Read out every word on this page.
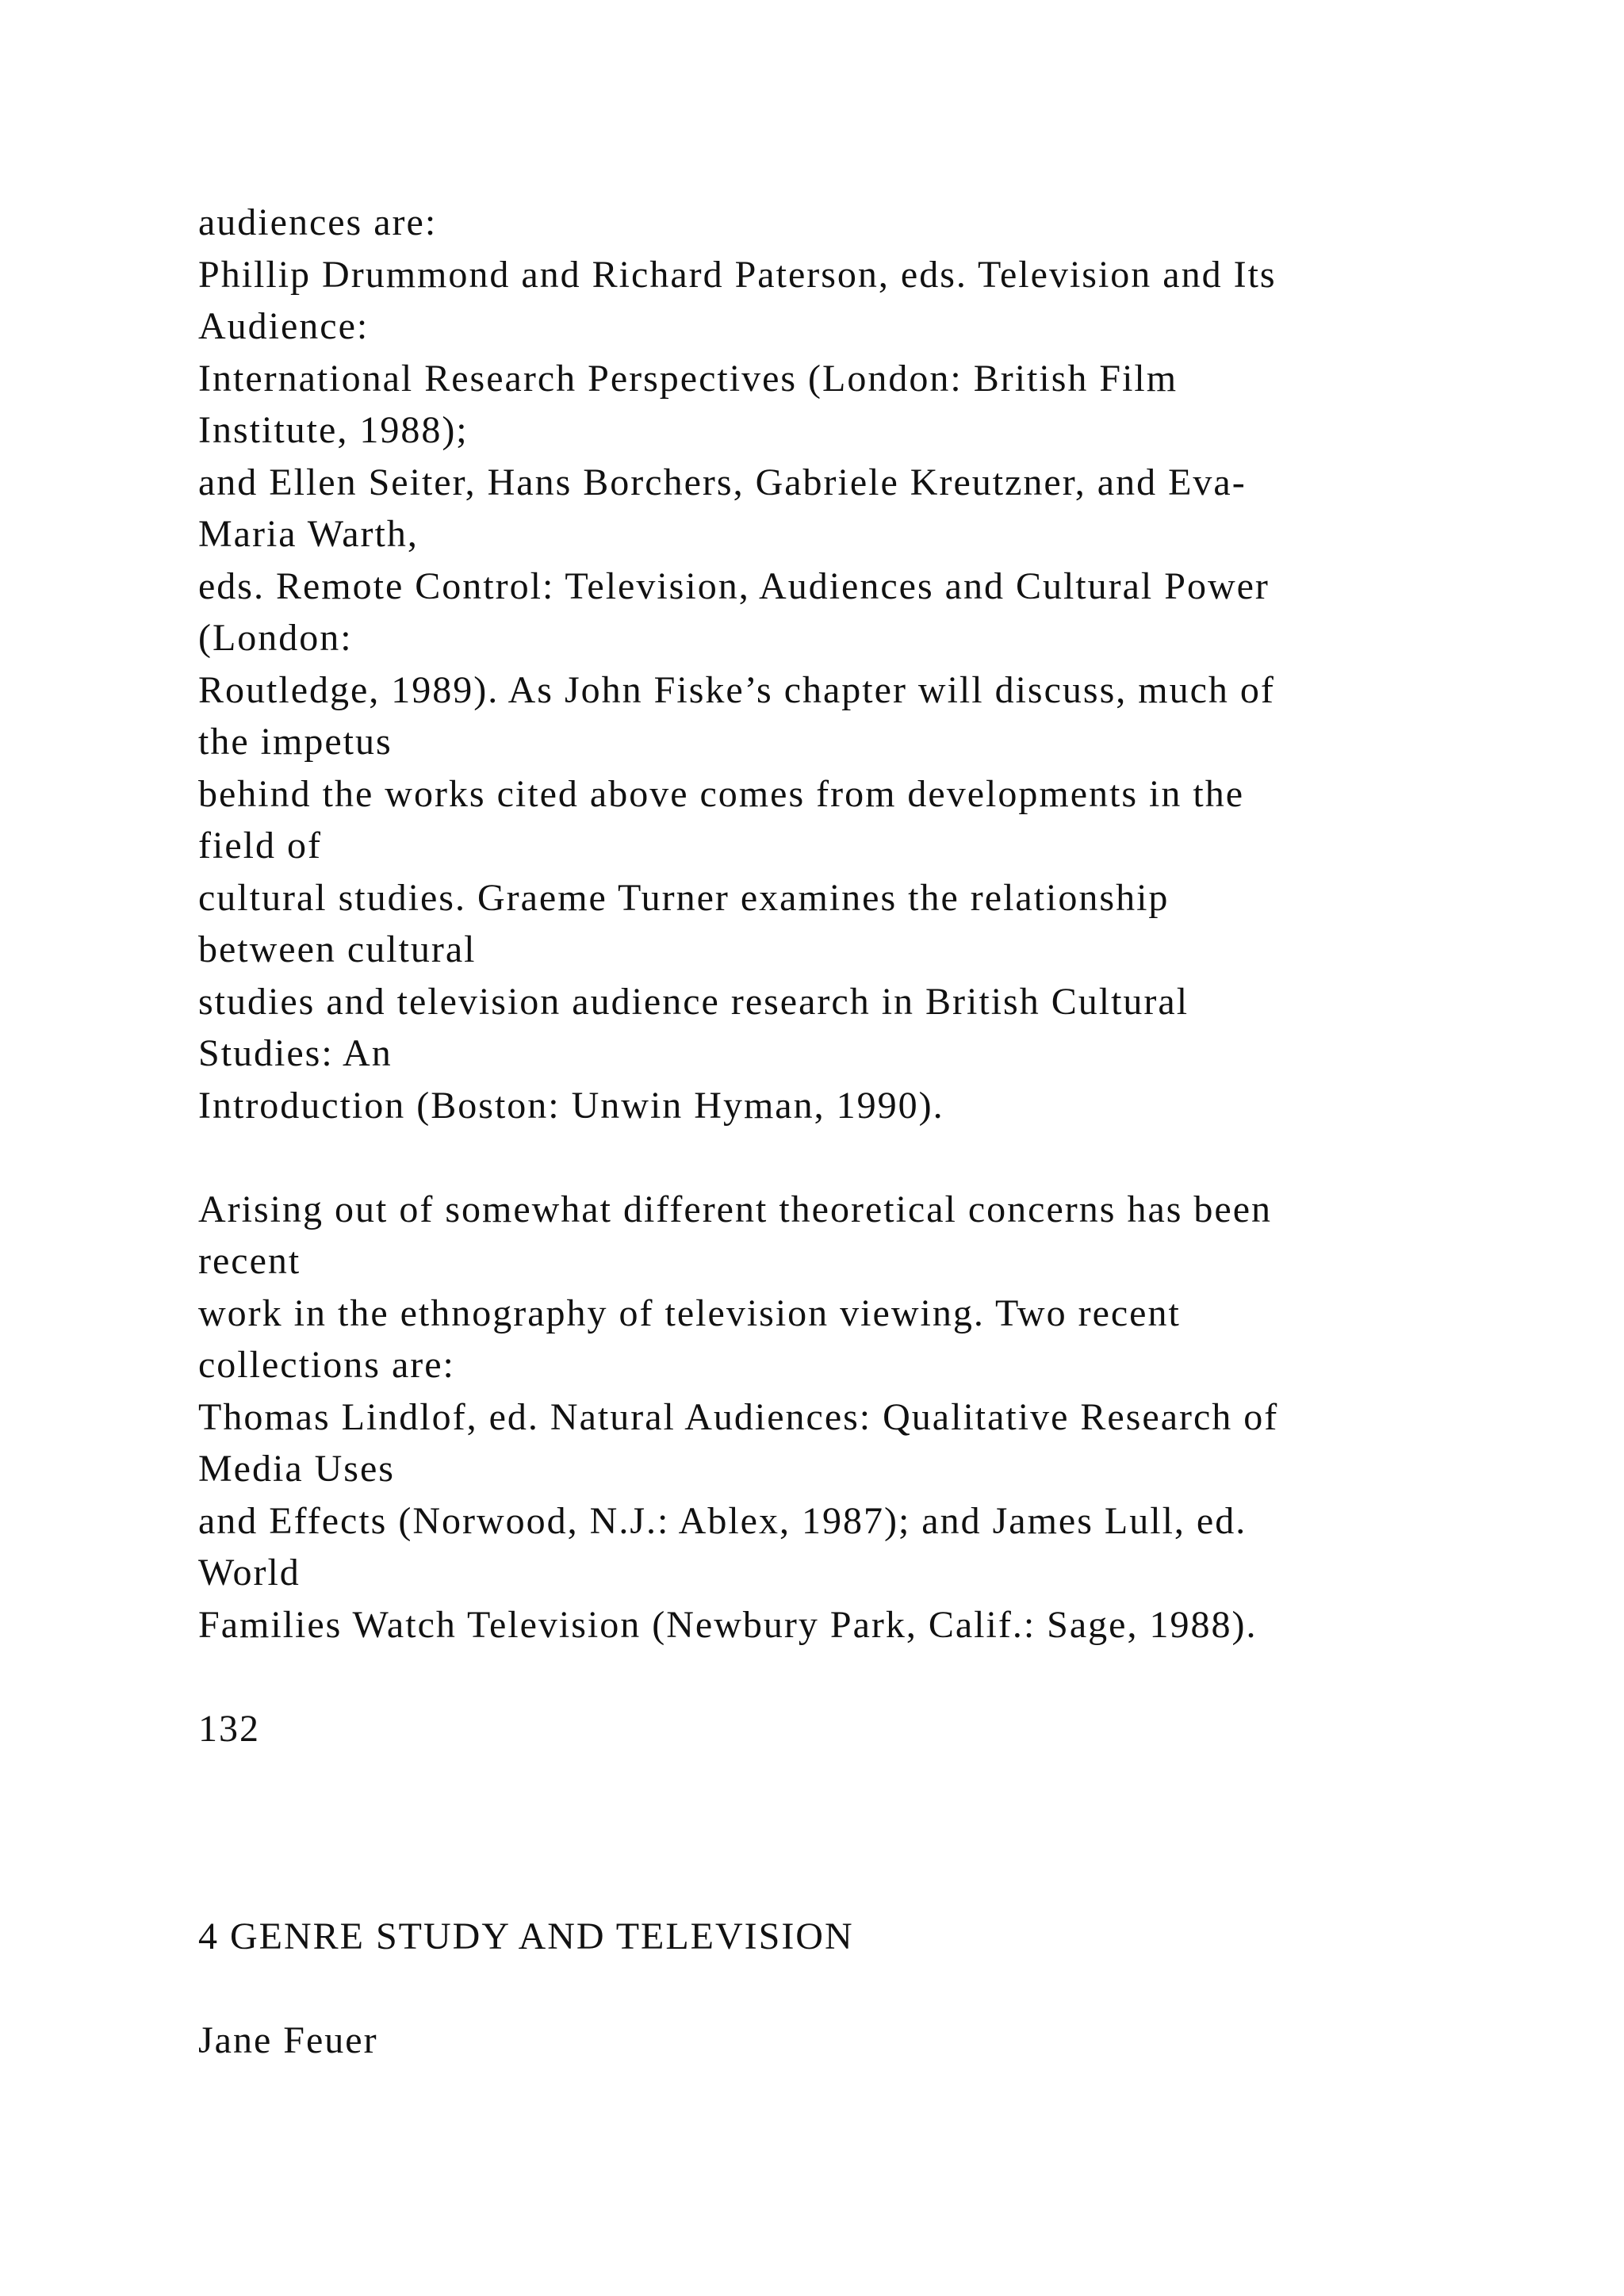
audiences are:
Phillip Drummond and Richard Paterson, eds. Television and Its
Audience:
International Research Perspectives (London: British Film
Institute, 1988);
and Ellen Seiter, Hans Borchers, Gabriele Kreutzner, and Eva-
Maria Warth,
eds. Remote Control: Television, Audiences and Cultural Power
(London:
Routledge, 1989). As John Fiske’s chapter will discuss, much of
the impetus
behind the works cited above comes from developments in the
field of
cultural studies. Graeme Turner examines the relationship
between cultural
studies and television audience research in British Cultural
Studies: An
Introduction (Boston: Unwin Hyman, 1990).
Arising out of somewhat different theoretical concerns has been
recent
work in the ethnography of television viewing. Two recent
collections are:
Thomas Lindlof, ed. Natural Audiences: Qualitative Research of
Media Uses
and Effects (Norwood, N.J.: Ablex, 1987); and James Lull, ed.
World
Families Watch Television (Newbury Park, Calif.: Sage, 1988).
132
4 GENRE STUDY AND TELEVISION
Jane Feuer
